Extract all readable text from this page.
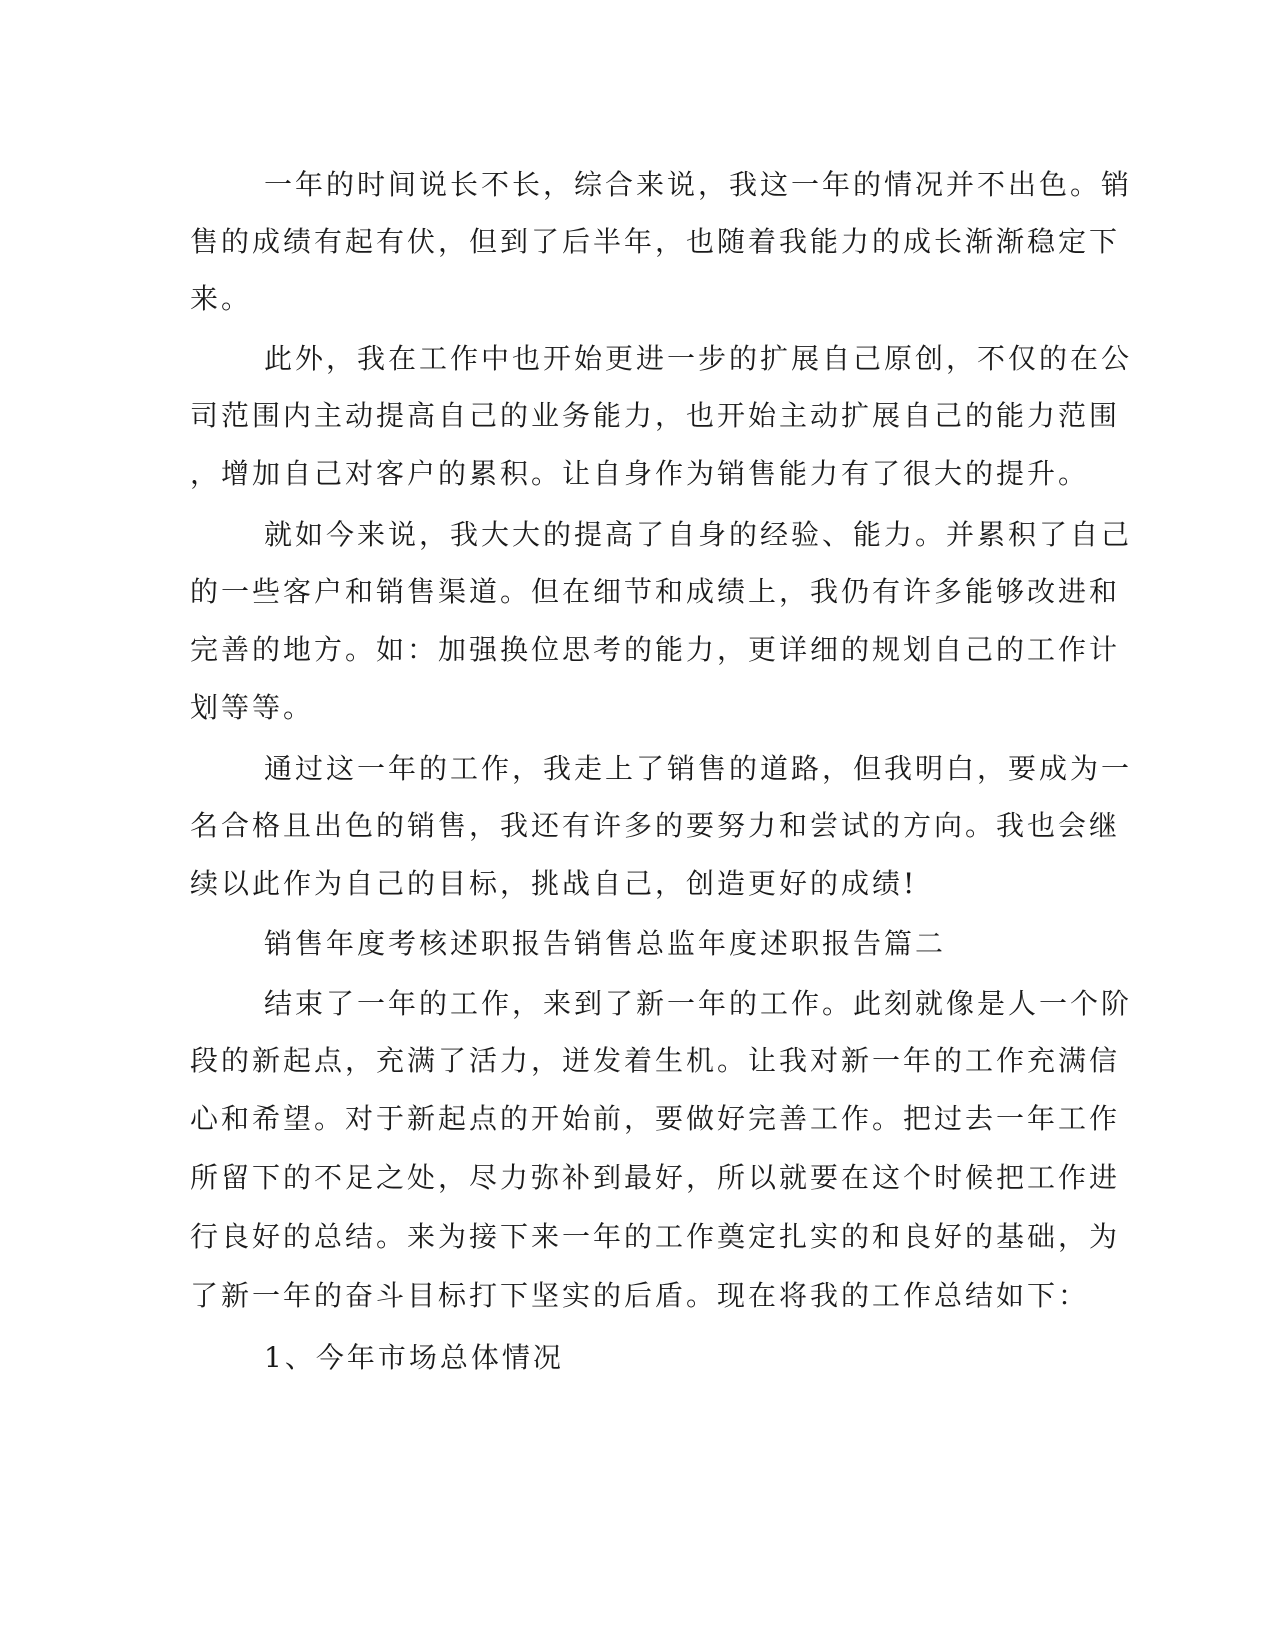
一年的时间说长不长，综合来说，我这一年的情况并不出色。销
售的成绩有起有伏，但到了后半年，也随着我能力的成长渐渐稳定下
来。
此外，我在工作中也开始更进一步的扩展自己原创，不仅的在公
司范围内主动提高自己的业务能力，也开始主动扩展自己的能力范围
，增加自己对客户的累积。让自身作为销售能力有了很大的提升。
就如今来说，我大大的提高了自身的经验、能力。并累积了自己
的一些客户和销售渠道。但在细节和成绩上，我仍有许多能够改进和
完善的地方。如：加强换位思考的能力，更详细的规划自己的工作计
划等等。
通过这一年的工作，我走上了销售的道路，但我明白，要成为一
名合格且出色的销售，我还有许多的要努力和尝试的方向。我也会继
续以此作为自己的目标，挑战自己，创造更好的成绩!
销售年度考核述职报告销售总监年度述职报告篇二
结束了一年的工作，来到了新一年的工作。此刻就像是人一个阶
段的新起点，充满了活力，迸发着生机。让我对新一年的工作充满信
心和希望。对于新起点的开始前，要做好完善工作。把过去一年工作
所留下的不足之处，尽力弥补到最好，所以就要在这个时候把工作进
行良好的总结。来为接下来一年的工作奠定扎实的和良好的基础，为
了新一年的奋斗目标打下坚实的后盾。现在将我的工作总结如下：
1、今年市场总体情况
